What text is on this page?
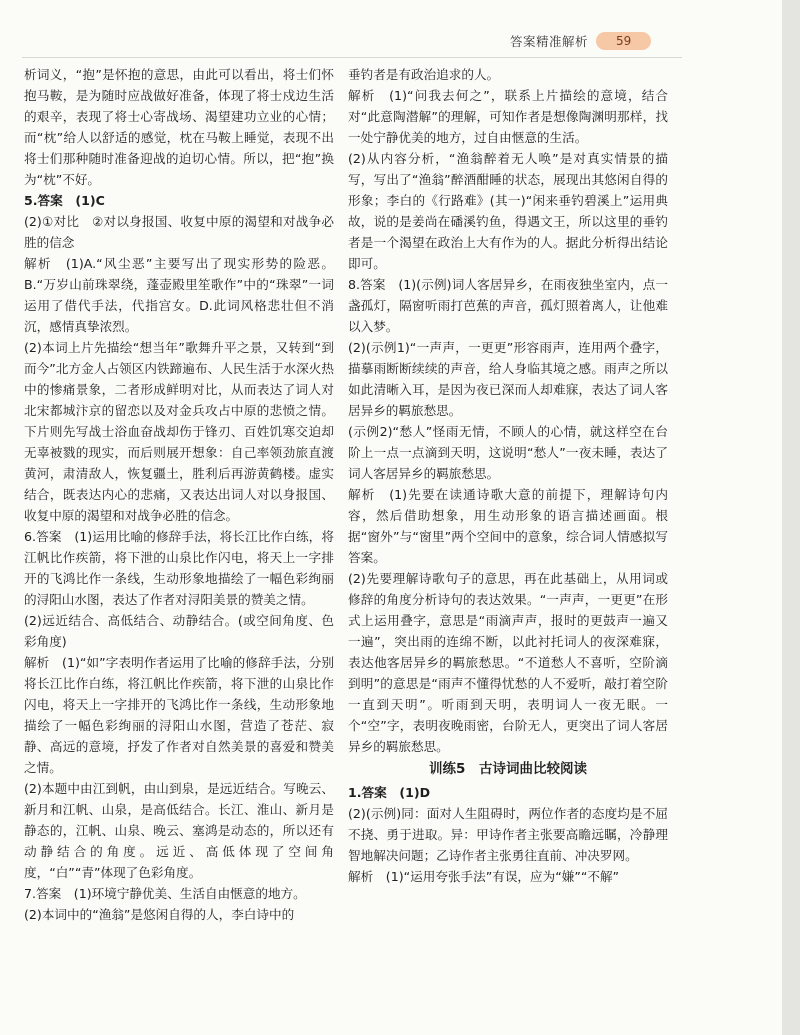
答案精准解析	59

析词义，“抱”是怀抱的意思，由此可以看出，将士们怀抱马鞍，是为随时应战做好准备，体现了将士戍边生活的艰辛，表现了将士心寄战场、渴望建功立业的心情；而“枕”给人以舒适的感觉，枕在马鞍上睡觉，表现不出将士们那种随时准备迎战的迫切心情。所以，把“抱”换为“枕”不好。

5.答案　(1)C

(2)①对比　②对以身报国、收复中原的渴望和对战争必胜的信念

解析　(1)A.“风尘恶”主要写出了现实形势的险恶。B.“万岁山前珠翠绕，蓬壶殿里笙歌作”中的“珠翠”一词运用了借代手法，代指宫女。D.此词风格悲壮但不消沉，感情真挚浓烈。

(2)本词上片先描绘“想当年”歌舞升平之景，又转到“到而今”北方金人占领区内铁蹄遍布、人民生活于水深火热中的惨痛景象，二者形成鲜明对比，从而表达了词人对北宋都城汴京的留恋以及对金兵攻占中原的悲愤之情。下片则先写战士浴血奋战却伤于锋刃、百姓饥寒交迫却无辜被戮的现实，而后则展开想象：自己率领劲旅直渡黄河，肃清敌人，恢复疆土，胜利后再游黄鹤楼。虚实结合，既表达内心的悲痛，又表达出词人对以身报国、收复中原的渴望和对战争必胜的信念。

6.答案　(1)运用比喻的修辞手法，将长江比作白练，将江帆比作疾箭，将下泄的山泉比作闪电，将天上一字排开的飞鸿比作一条线，生动形象地描绘了一幅色彩绚丽的浔阳山水图，表达了作者对浔阳美景的赞美之情。

(2)远近结合、高低结合、动静结合。(或空间角度、色彩角度)

解析　(1)“如”字表明作者运用了比喻的修辞手法，分别将长江比作白练，将江帆比作疾箭，将下泄的山泉比作闪电，将天上一字排开的飞鸿比作一条线，生动形象地描绘了一幅色彩绚丽的浔阳山水图，营造了苍茫、寂静、高远的意境，抒发了作者对自然美景的喜爱和赞美之情。

(2)本题中由江到帆，由山到泉，是远近结合。写晚云、新月和江帆、山泉，是高低结合。长江、淮山、新月是静态的，江帆、山泉、晚云、塞鸿是动态的，所以还有动静结合的角度。远近、高低体现了空间角度，“白”“青”体现了色彩角度。

7.答案　(1)环境宁静优美、生活自由惬意的地方。

(2)本词中的“渔翁”是悠闲自得的人，李白诗中的

垂钓者是有政治追求的人。

解析　(1)“问我去何之”，联系上片描绘的意境，结合对“此意陶潜解”的理解，可知作者是想像陶渊明那样，找一处宁静优美的地方，过自由惬意的生活。

(2)从内容分析，“渔翁醉着无人唤”是对真实情景的描写，写出了“渔翁”醉酒酣睡的状态，展现出其悠闲自得的形象；李白的《行路难》(其一)“闲来垂钓碧溪上”运用典故，说的是姜尚在磻溪钓鱼，得遇文王，所以这里的垂钓者是一个渴望在政治上大有作为的人。据此分析得出结论即可。

8.答案　(1)(示例)词人客居异乡，在雨夜独坐室内，点一盏孤灯，隔窗听雨打芭蕉的声音，孤灯照着离人，让他难以入梦。

(2)(示例1)“一声声，一更更”形容雨声，连用两个叠字，描摹雨断断续续的声音，给人身临其境之感。雨声之所以如此清晰入耳，是因为夜已深而人却难寐，表达了词人客居异乡的羁旅愁思。

(示例2)“愁人”怪雨无情，不顾人的心情，就这样空在台阶上一点一点滴到天明，这说明“愁人”一夜未睡，表达了词人客居异乡的羁旅愁思。

解析　(1)先要在读通诗歌大意的前提下，理解诗句内容，然后借助想象，用生动形象的语言描述画面。根据“窗外”与“窗里”两个空间中的意象，综合词人情感拟写答案。

(2)先要理解诗歌句子的意思，再在此基础上，从用词或修辞的角度分析诗句的表达效果。“一声声，一更更”在形式上运用叠字，意思是“雨滴声声，报时的更鼓声一遍又一遍”，突出雨的连绵不断，以此衬托词人的夜深难寐，表达他客居异乡的羁旅愁思。“不道愁人不喜听，空阶滴到明”的意思是“雨声不懂得忧愁的人不爱听，敲打着空阶一直到天明”。听雨到天明，表明词人一夜无眠。一个“空”字，表明夜晚雨密，台阶无人，更突出了词人客居异乡的羁旅愁思。

训练5　古诗词曲比较阅读

1.答案　(1)D

(2)(示例)同：面对人生阻碍时，两位作者的态度均是不屈不挠、勇于进取。异：甲诗作者主张要高瞻远瞩，冷静理智地解决问题；乙诗作者主张勇往直前、冲决罗网。

解析　(1)“运用夸张手法”有误，应为“嫌”“不解”
